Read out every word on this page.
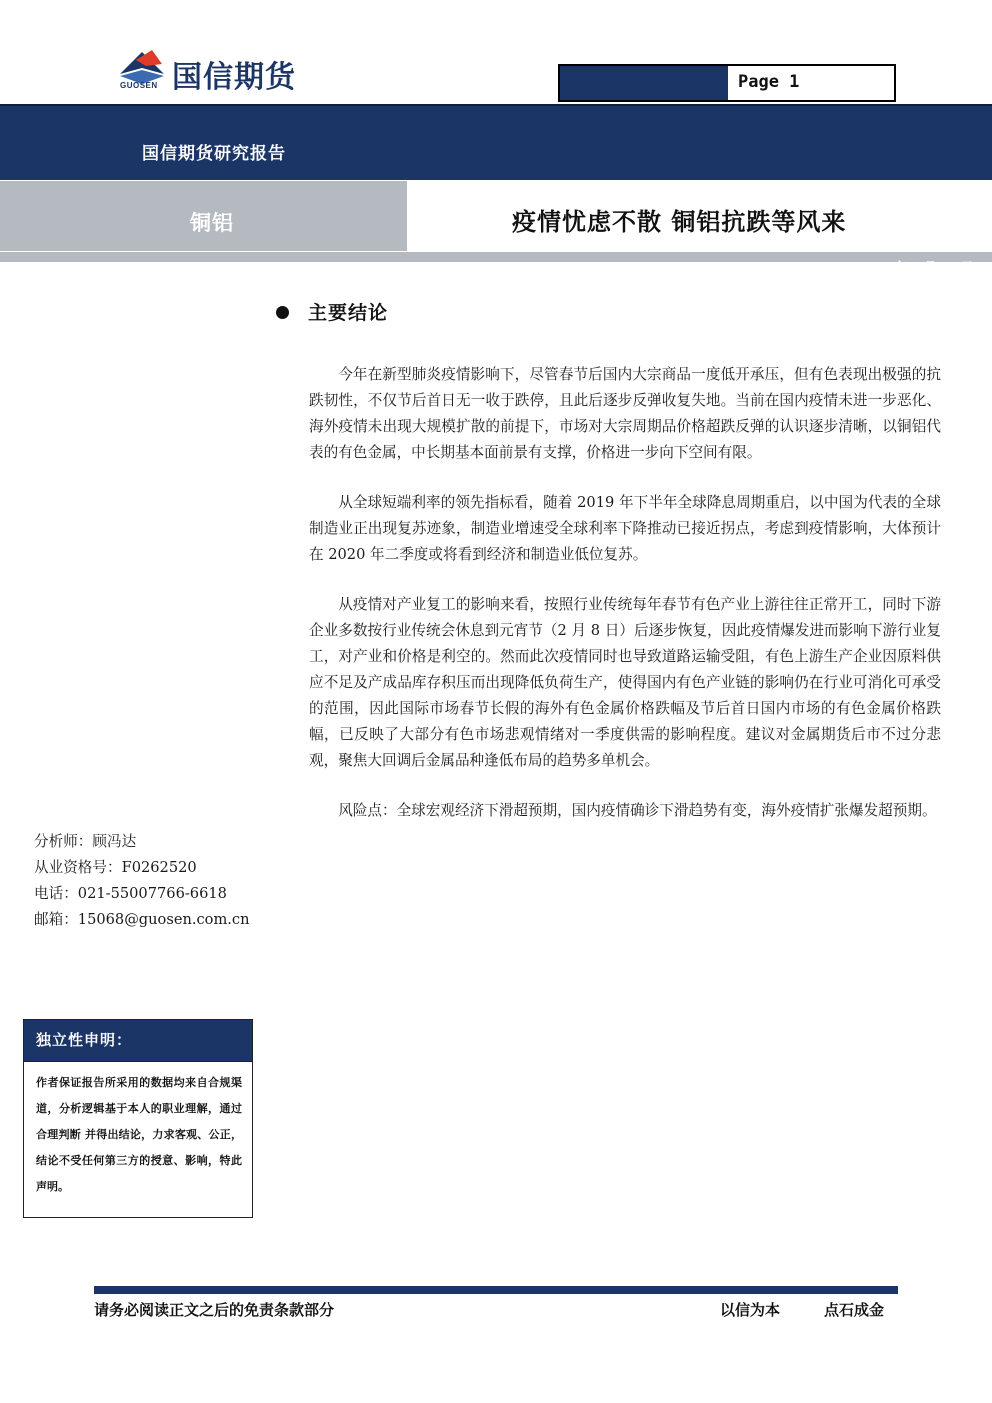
国信期货
GUOSEN	Page 1
国信期货研究报告
铜铝	疫情忧虑不散 铜铝抗跌等风来
2020 年 2 月 23 日
主要结论

今年在新型肺炎疫情影响下，尽管春节后国内大宗商品一度低开承压，但有色表现出极强的抗跌韧性，不仅节后首日无一收于跌停，且此后逐步反弹收复失地。当前在国内疫情未进一步恶化、海外疫情未出现大规模扩散的前提下，市场对大宗周期品价格超跌反弹的认识逐步清晰，以铜铝代表的有色金属，中长期基本面前景有支撑，价格进一步向下空间有限。

从全球短端利率的领先指标看，随着 2019 年下半年全球降息周期重启，以中国为代表的全球制造业正出现复苏迹象，制造业增速受全球利率下降推动已接近拐点，考虑到疫情影响，大体预计在 2020 年二季度或将看到经济和制造业低位复苏。

从疫情对产业复工的影响来看，按照行业传统每年春节有色产业上游往往正常开工，同时下游企业多数按行业传统会休息到元宵节（2 月 8 日）后逐步恢复，因此疫情爆发进而影响下游行业复工，对产业和价格是利空的。然而此次疫情同时也导致道路运输受阻，有色上游生产企业因原料供应不足及产成品库存积压而出现降低负荷生产，使得国内有色产业链的影响仍在行业可消化可承受的范围，因此国际市场春节长假的海外有色金属价格跌幅及节后首日国内市场的有色金属价格跌幅，已反映了大部分有色市场悲观情绪对一季度供需的影响程度。建议对金属期货后市不过分悲观，聚焦大回调后金属品种逢低布局的趋势多单机会。

风险点：全球宏观经济下滑超预期，国内疫情确诊下滑趋势有变，海外疫情扩张爆发超预期。

分析师：顾冯达
从业资格号：F0262520
电话：021-55007766-6618
邮箱：15068@guosen.com.cn
独立性申明：
作者保证报告所采用的数据均来自合规渠道，分析逻辑基于本人的职业理解，通过合理判断 并得出结论，力求客观、公正，结论不受任何第三方的授意、影响，特此声明。
请务必阅读正文之后的免责条款部分	以信为本	点石成金
